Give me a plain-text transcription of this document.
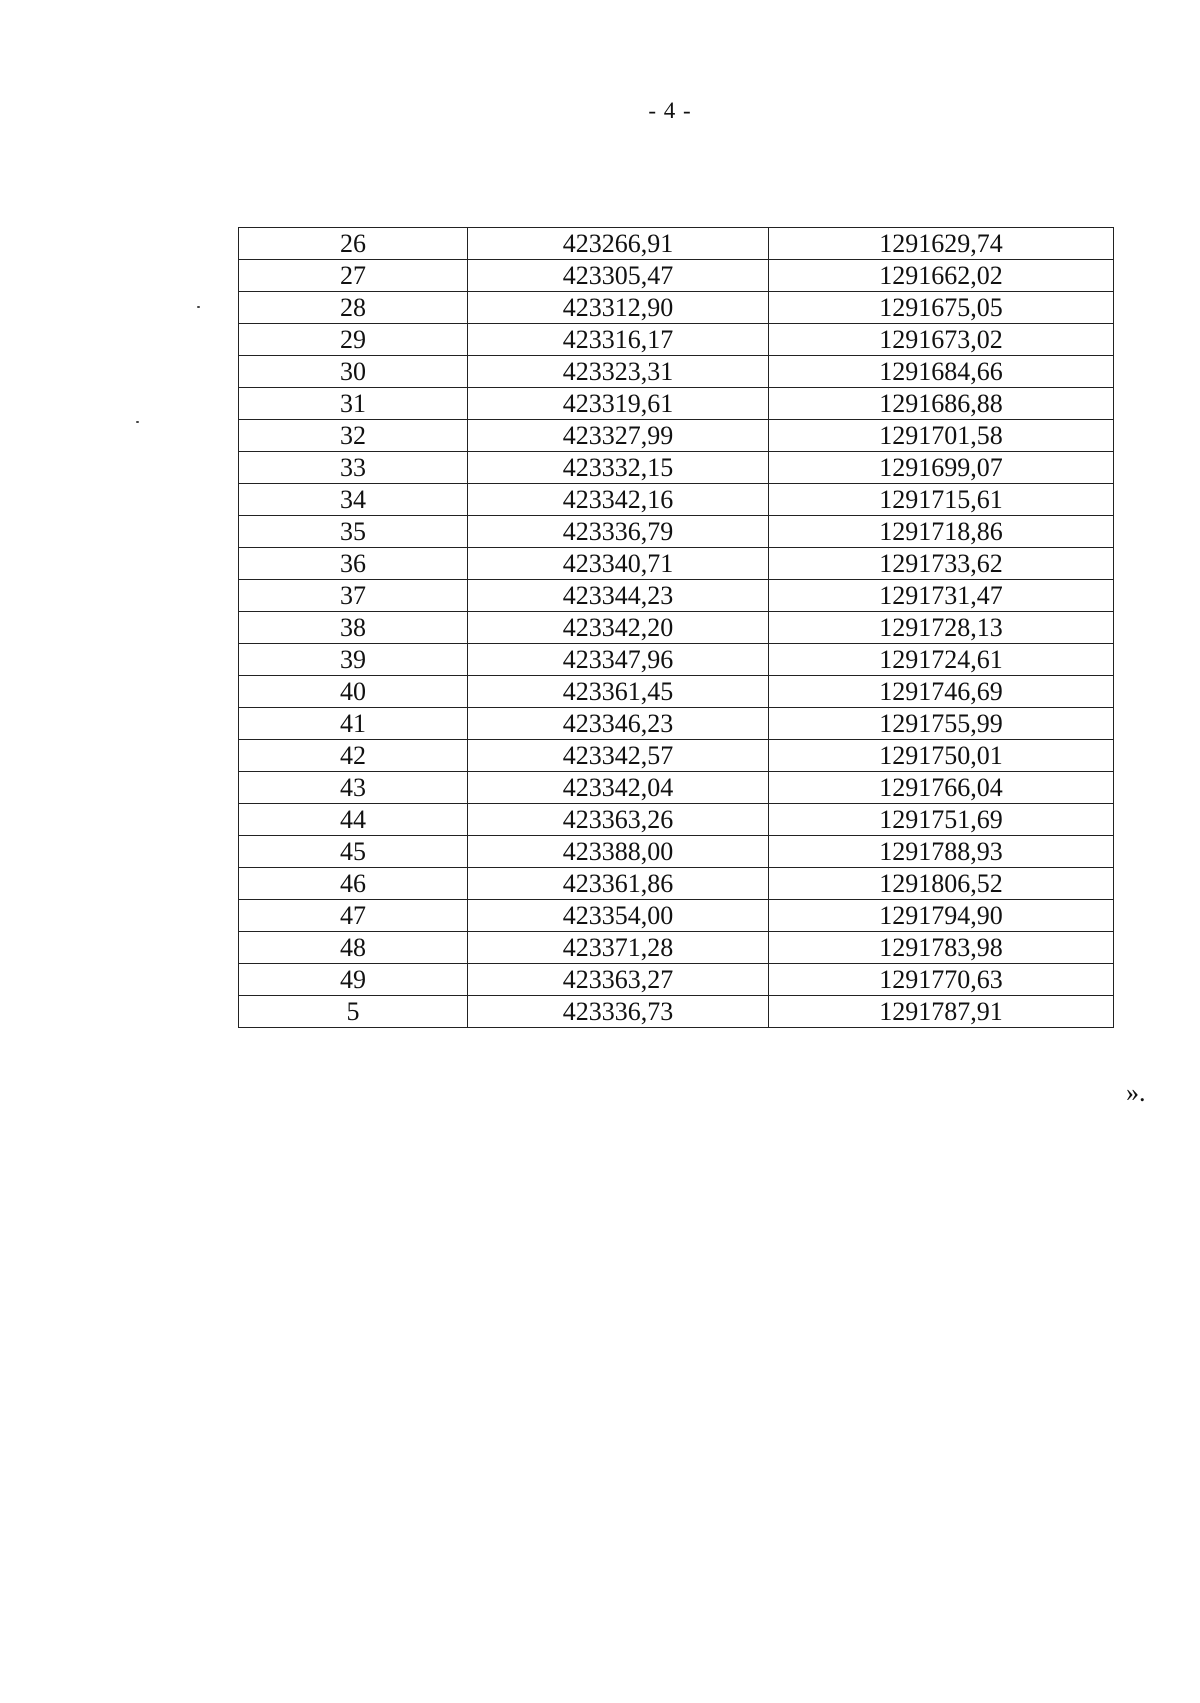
- 4 -
26	423266,91	1291629,74
27	423305,47	1291662,02
28	423312,90	1291675,05
29	423316,17	1291673,02
30	423323,31	1291684,66
31	423319,61	1291686,88
32	423327,99	1291701,58
33	423332,15	1291699,07
34	423342,16	1291715,61
35	423336,79	1291718,86
36	423340,71	1291733,62
37	423344,23	1291731,47
38	423342,20	1291728,13
39	423347,96	1291724,61
40	423361,45	1291746,69
41	423346,23	1291755,99
42	423342,57	1291750,01
43	423342,04	1291766,04
44	423363,26	1291751,69
45	423388,00	1291788,93
46	423361,86	1291806,52
47	423354,00	1291794,90
48	423371,28	1291783,98
49	423363,27	1291770,63
5	423336,73	1291787,91
».
